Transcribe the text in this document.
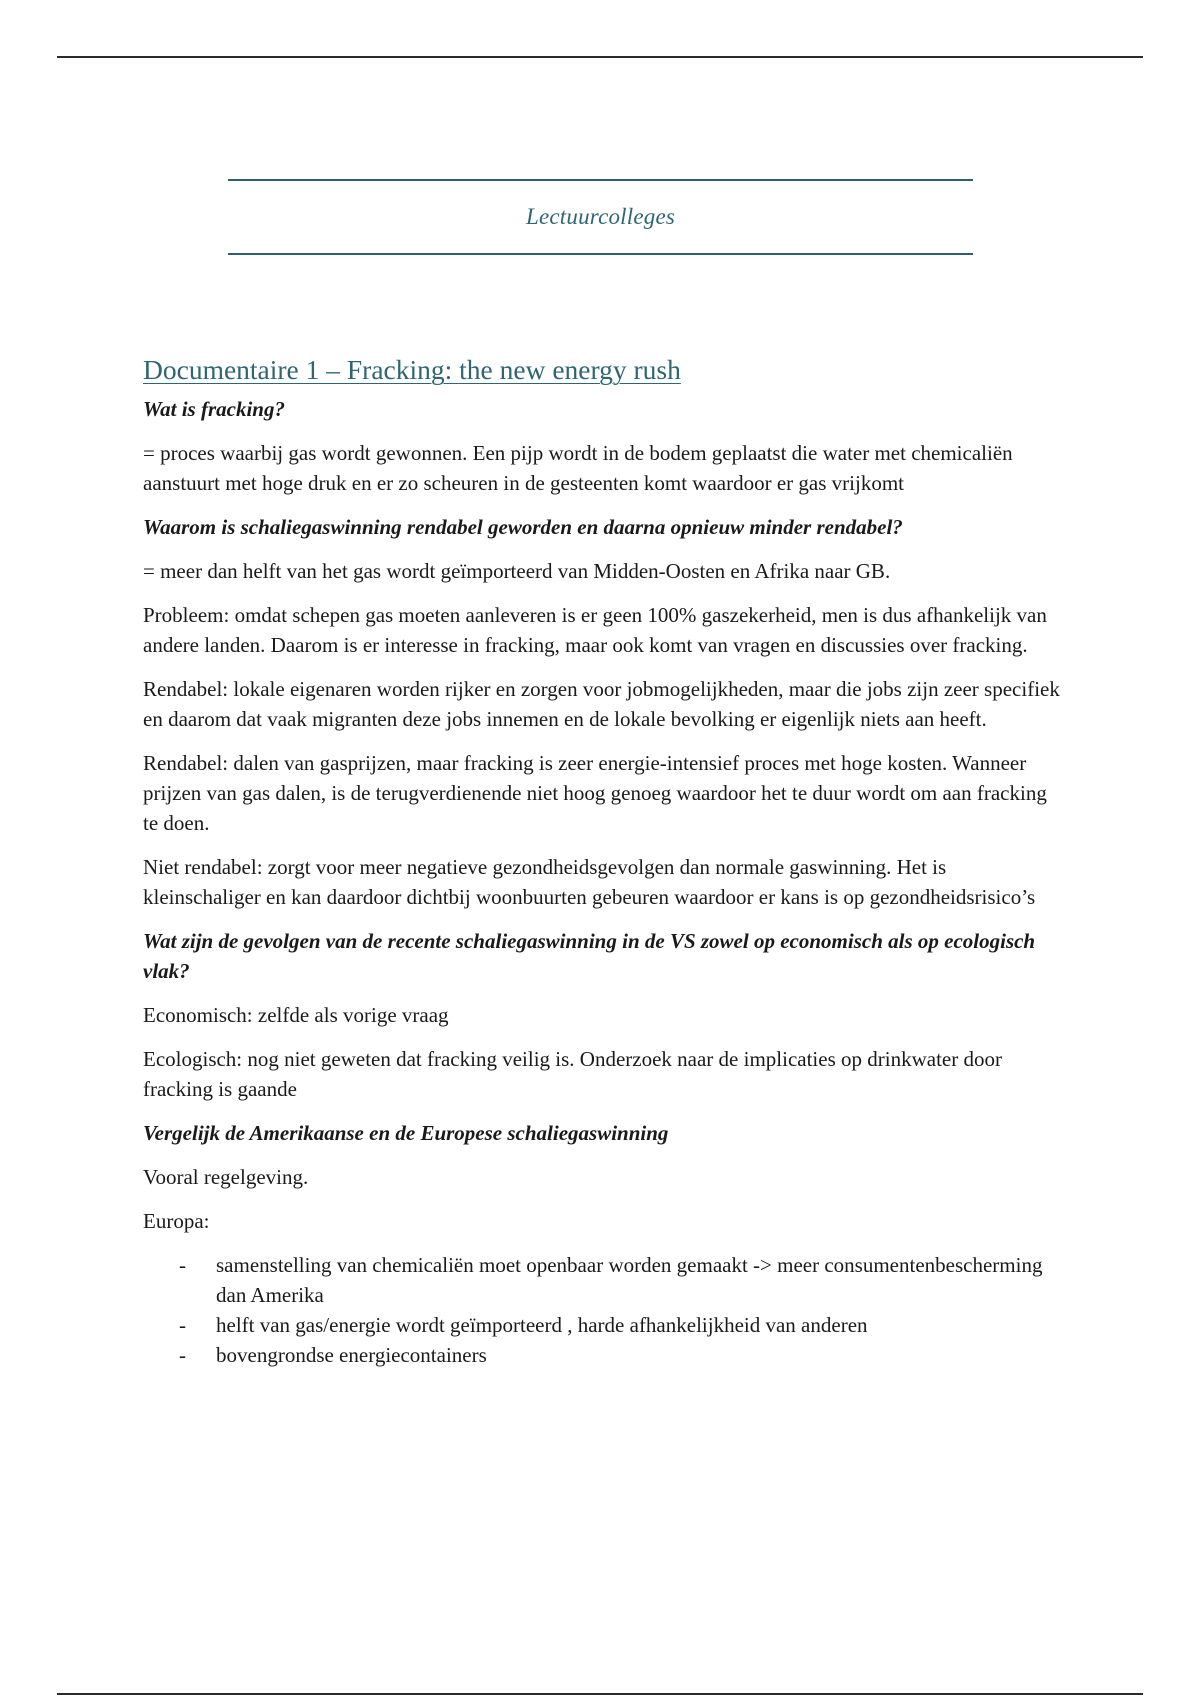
Lectuurcolleges
Documentaire 1 – Fracking: the new energy rush

Wat is fracking?

= proces waarbij gas wordt gewonnen. Een pijp wordt in de bodem geplaatst die water met chemicaliën aanstuurt met hoge druk en er zo scheuren in de gesteenten komt waardoor er gas vrijkomt

Waarom is schaliegaswinning rendabel geworden en daarna opnieuw minder rendabel?

= meer dan helft van het gas wordt geïmporteerd van Midden-Oosten en Afrika naar GB.

Probleem: omdat schepen gas moeten aanleveren is er geen 100% gaszekerheid, men is dus afhankelijk van andere landen. Daarom is er interesse in fracking, maar ook komt van vragen en discussies over fracking.

Rendabel: lokale eigenaren worden rijker en zorgen voor jobmogelijkheden, maar die jobs zijn zeer specifiek en daarom dat vaak migranten deze jobs innemen en de lokale bevolking er eigenlijk niets aan heeft.

Rendabel: dalen van gasprijzen, maar fracking is zeer energie-intensief proces met hoge kosten. Wanneer prijzen van gas dalen, is de terugverdienende niet hoog genoeg waardoor het te duur wordt om aan fracking te doen.

Niet rendabel: zorgt voor meer negatieve gezondheidsgevolgen dan normale gaswinning. Het is kleinschaliger en kan daardoor dichtbij woonbuurten gebeuren waardoor er kans is op gezondheidsrisico’s

Wat zijn de gevolgen van de recente schaliegaswinning in de VS zowel op economisch als op ecologisch vlak?

Economisch: zelfde als vorige vraag

Ecologisch: nog niet geweten dat fracking veilig is. Onderzoek naar de implicaties op drinkwater door fracking is gaande

Vergelijk de Amerikaanse en de Europese schaliegaswinning

Vooral regelgeving.

Europa:

- samenstelling van chemicaliën moet openbaar worden gemaakt -> meer consumentenbescherming dan Amerika
- helft van gas/energie wordt geïmporteerd , harde afhankelijkheid van anderen
- bovengrondse energiecontainers
